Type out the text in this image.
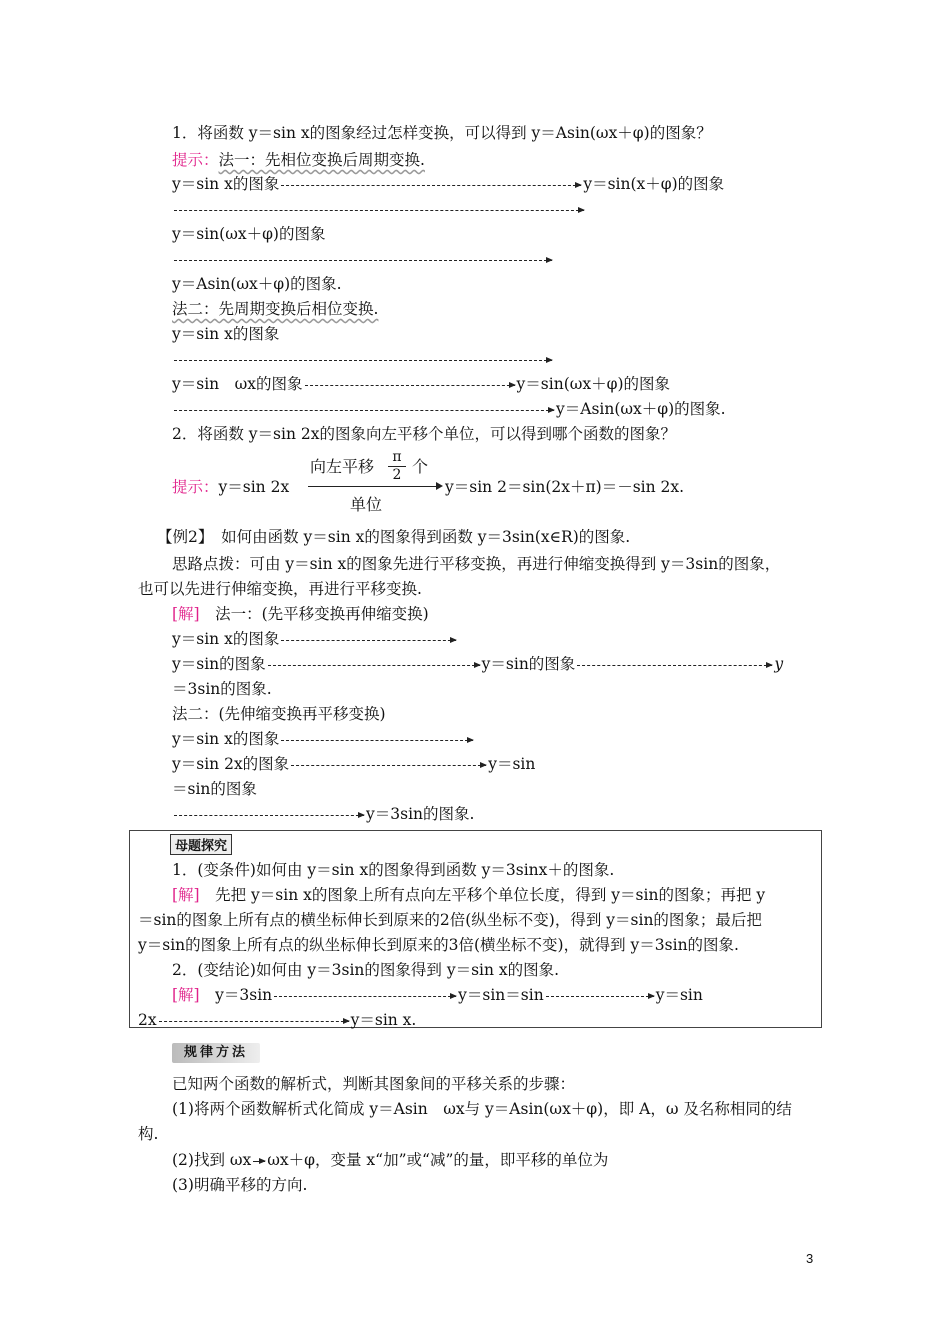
1．将函数 y＝sin x的图象经过怎样变换，可以得到 y＝Asin(ωx＋φ)的图象？
提示：法一：先相位变换后周期变换.
y＝sin x的图象	y＝sin(x＋φ)的图象
y＝sin(ωx＋φ)的图象
y＝Asin(ωx＋φ)的图象.
法二：先周期变换后相位变换.
y＝sin x的图象
y＝sin　ωx的图象	y＝sin(ωx＋φ)的图象
y＝Asin(ωx＋φ)的图象.
2．将函数 y＝sin 2x的图象向左平移个单位，可以得到哪个函数的图象？
提示：y＝sin 2x
向左平移	π
2 个
单位
y＝sin 2＝sin(2x＋π)＝－sin 2x.
【例2】　如何由函数 y＝sin x的图象得到函数 y＝3sin(x∈R)的图象.
思路点拨：可由 y＝sin x的图象先进行平移变换，再进行伸缩变换得到 y＝3sin的图象，
也可以先进行伸缩变换，再进行平移变换.
[解]　 法一：(先平移变换再伸缩变换)
y＝sin x的图象
y＝sin的图象	y＝sin的图象	y
＝3sin的图象.
法二：(先伸缩变换再平移变换)
y＝sin x的图象
y＝sin 2x的图象	y＝sin
＝sin的图象
y＝3sin的图象.
母题探究
1．(变条件)如何由 y＝sin x的图象得到函数 y＝3sinx＋的图象.
[解]　 先把 y＝sin x的图象上所有点向左平移个单位长度，得到 y＝sin的图象；再把 y
＝sin的图象上所有点的横坐标伸长到原来的2倍(纵坐标不变)，得到 y＝sin的图象；最后把
y＝sin的图象上所有点的纵坐标伸长到原来的3倍(横坐标不变)，就得到 y＝3sin的图象.
2．(变结论)如何由 y＝3sin的图象得到 y＝sin x的图象.
[解]　 y＝3sin	y＝sin＝sin	y＝sin
2x	y＝sin x.
规律方法
已知两个函数的解析式，判断其图象间的平移关系的步骤：
(1)将两个函数解析式化简成 y＝Asin　ωx与 y＝Asin(ωx＋φ)，即 A，ω 及名称相同的结
构.
(2)找到 ωx ωx＋φ，变量 x“加”或“减”的量，即平移的单位为
(3)明确平移的方向.
3
